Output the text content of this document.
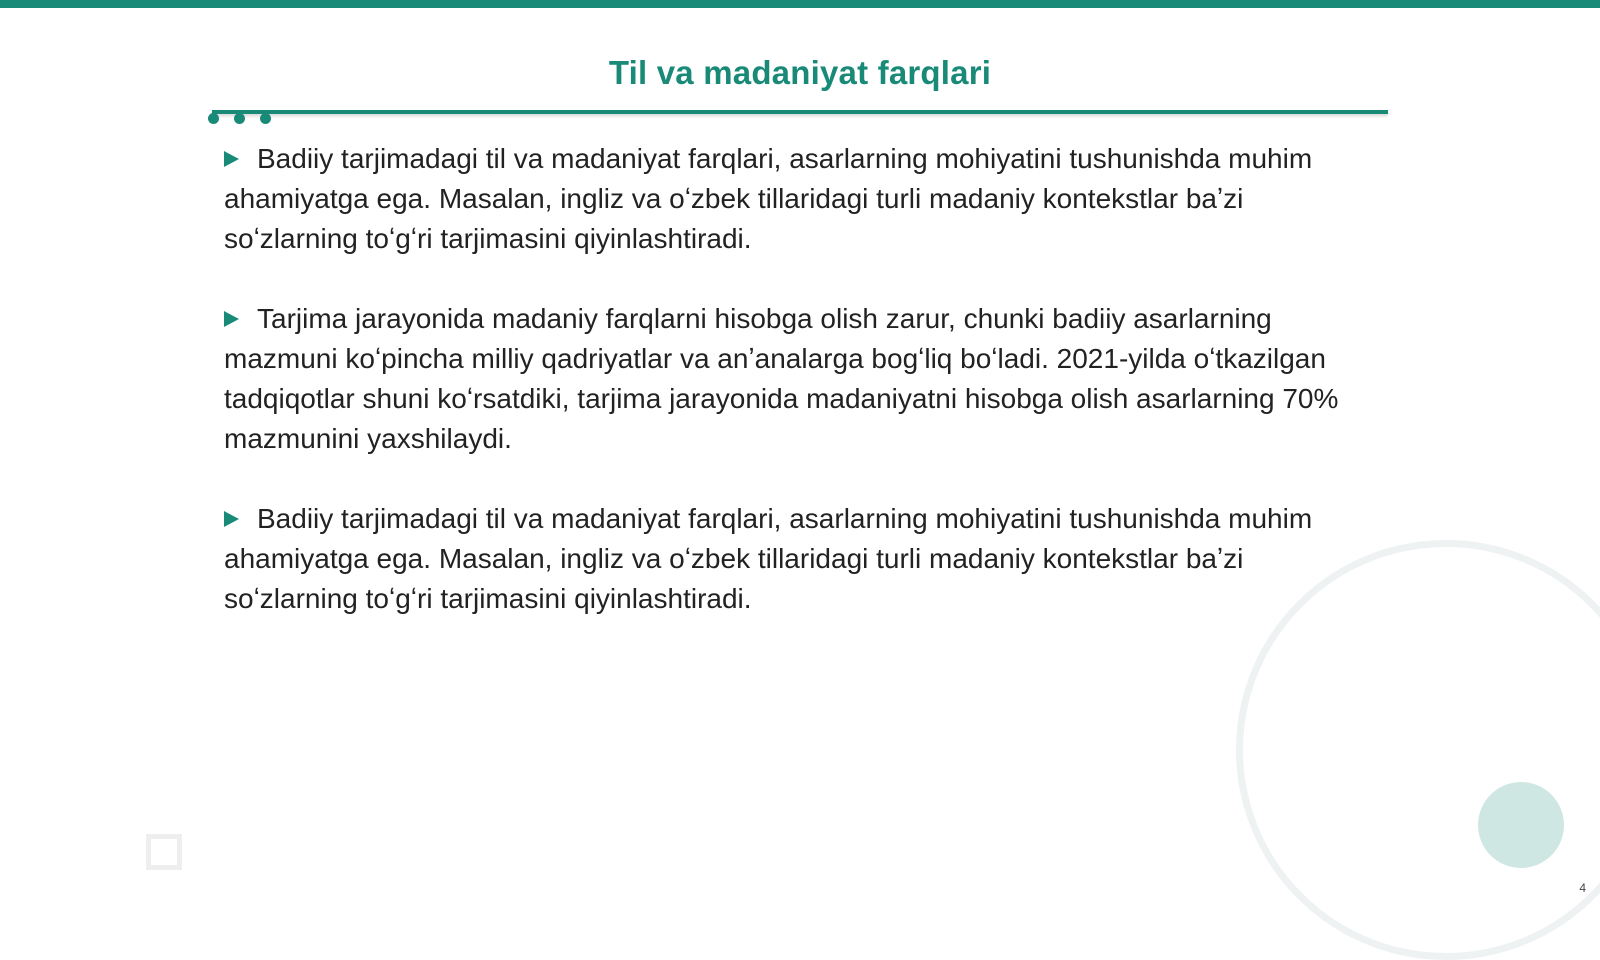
Til va madaniyat farqlari

Badiiy tarjimadagi til va madaniyat farqlari, asarlarning mohiyatini tushunishda muhim ahamiyatga ega. Masalan, ingliz va oʻzbek tillaridagi turli madaniy kontekstlar baʼzi soʻzlarning toʻgʻri tarjimasini qiyinlashtiradi.

Tarjima jarayonida madaniy farqlarni hisobga olish zarur, chunki badiiy asarlarning mazmuni koʻpincha milliy qadriyatlar va anʼanalarga bogʻliq boʻladi. 2021-yilda oʻtkazilgan tadqiqotlar shuni koʻrsatdiki, tarjima jarayonida madaniyatni hisobga olish asarlarning 70% mazmunini yaxshilaydi.

Badiiy tarjimadagi til va madaniyat farqlari, asarlarning mohiyatini tushunishda muhim ahamiyatga ega. Masalan, ingliz va oʻzbek tillaridagi turli madaniy kontekstlar baʼzi soʻzlarning toʻgʻri tarjimasini qiyinlashtiradi.

4
